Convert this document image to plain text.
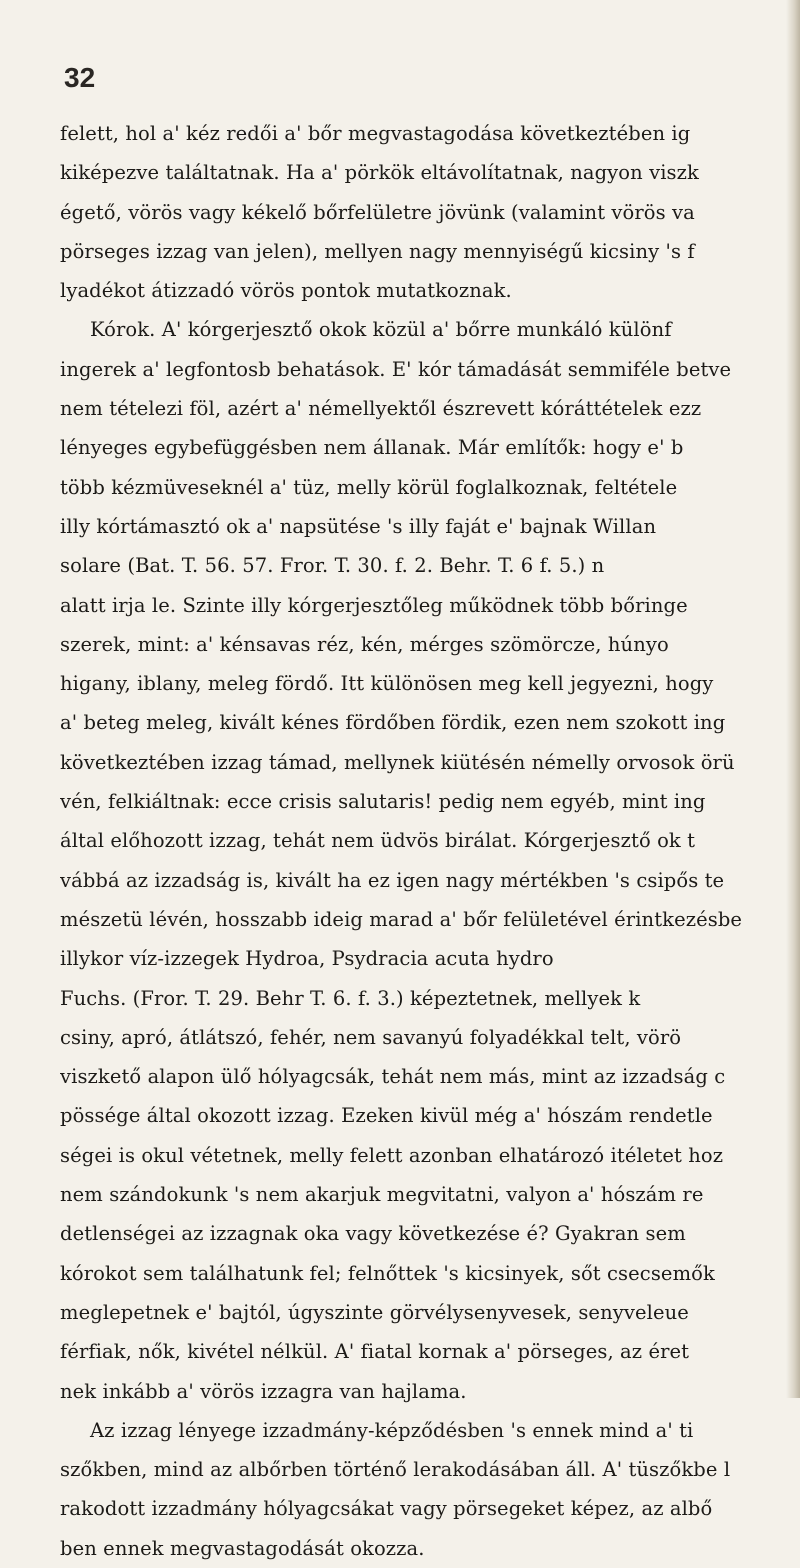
32
felett, hol a' kéz redői a' bőr megvastagodása következtében ig
kiképezve találtatnak. Ha a' pörkök eltávolítatnak, nagyon viszk
égető, vörös vagy kékelő bőrfelületre jövünk (valamint vörös va
pörseges izzag van jelen), mellyen nagy mennyiségű kicsiny 's f
lyadékot átizzadó vörös pontok mutatkoznak.
Kórok. A' kórgerjesztő okok közül a' bőrre munkáló különf
ingerek a' legfontosb behatások. E' kór támadását semmiféle betve
nem tételezi föl, azért a' némellyektől észrevett kóráttételek ezz
lényeges egybefüggésben nem állanak. Már említők: hogy e' b
több kézmüveseknél a' tüz, melly körül foglalkoznak, feltétele
illy kórtámasztó ok a' napsütése 's illy faját e' bajnak Willan
solare (Bat. T. 56. 57. Fror. T. 30. f. 2. Behr. T. 6 f. 5.) n
alatt irja le. Szinte illy kórgerjesztőleg működnek több bőringe
szerek, mint: a' kénsavas réz, kén, mérges szömörcze, húnyo
higany, iblany, meleg fördő. Itt különösen meg kell jegyezni, hogy
a' beteg meleg, kivált kénes fördőben fördik, ezen nem szokott ing
következtében izzag támad, mellynek kiütésén némelly orvosok örü
vén, felkiáltnak: ecce crisis salutaris! pedig nem egyéb, mint ing
által előhozott izzag, tehát nem üdvös birálat. Kórgerjesztő ok t
vábbá az izzadság is, kivált ha ez igen nagy mértékben 's csipős te
mészetü lévén, hosszabb ideig marad a' bőr felületével érintkezésbe
illykor víz-izzegek Hydroa, Psydracia acuta hydro
Fuchs. (Fror. T. 29. Behr T. 6. f. 3.) képeztetnek, mellyek k
csiny, apró, átlátszó, fehér, nem savanyú folyadékkal telt, vörö
viszkető alapon ülő hólyagcsák, tehát nem más, mint az izzadság c
pössége által okozott izzag. Ezeken kivül még a' hószám rendetle
ségei is okul vétetnek, melly felett azonban elhatározó itéletet hoz
nem szándokunk 's nem akarjuk megvitatni, valyon a' hószám re
detlenségei az izzagnak oka vagy következése é? Gyakran sem
kórokot sem találhatunk fel; felnőttek 's kicsinyek, sőt csecsemők
meglepetnek e' bajtól, úgyszinte görvélysenyvesek, senyveleue
férfiak, nők, kivétel nélkül. A' fiatal kornak a' pörseges, az éret
nek inkább a' vörös izzagra van hajlama.
Az izzag lényege izzadmány-képződésben 's ennek mind a' ti
szőkben, mind az albőrben történő lerakodásában áll. A' tüszőkbe l
rakodott izzadmány hólyagcsákat vagy pörsegeket képez, az albő
ben ennek megvastagodását okozza.
